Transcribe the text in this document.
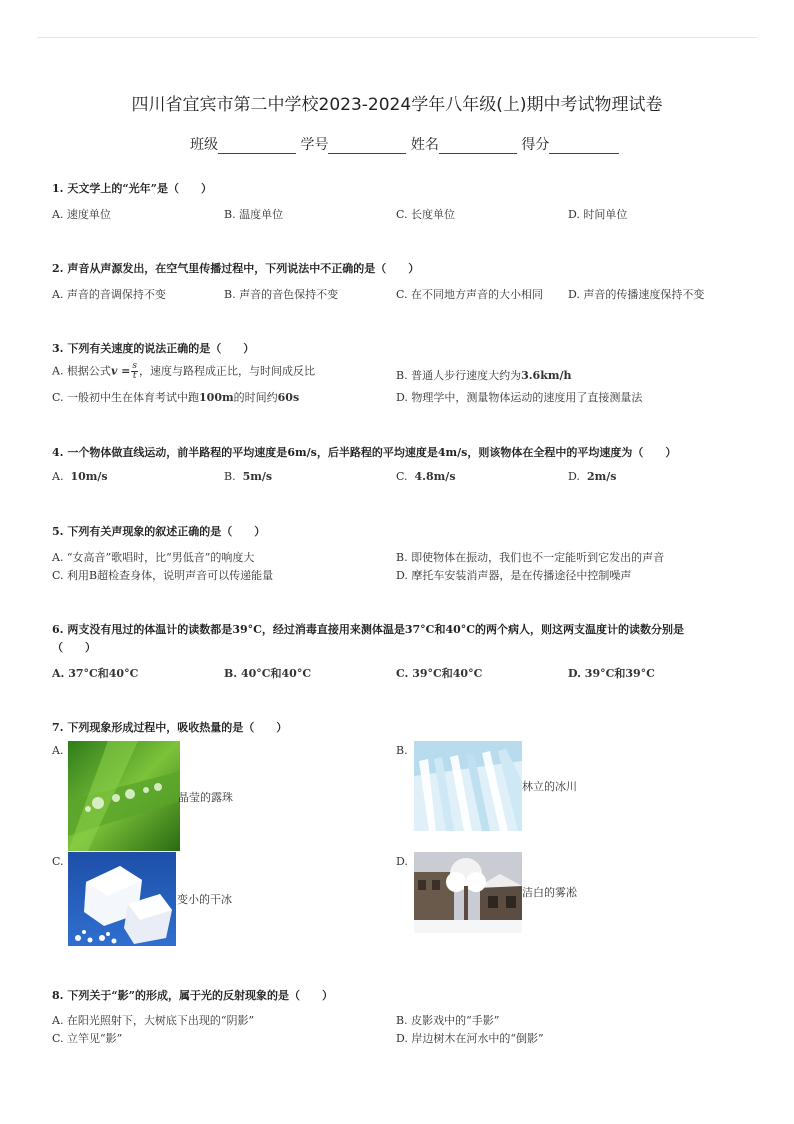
四川省宜宾市第二中学校2023-2024学年八年级(上)期中考试物理试卷
班级	学号	姓名	得分
1. 天文学上的“光年”是（　　）
A. 速度单位	B. 温度单位	C. 长度单位	D. 时间单位
2. 声音从声源发出，在空气里传播过程中，下列说法中不正确的是（　　）
A. 声音的音调保持不变	B. 声音的音色保持不变	C. 在不同地方声音的大小相同 D. 声音的传播速度保持不变
3. 下列有关速度的说法正确的是（　　）
A. 根据公式$v = \frac{s}{t}$ ，速度与路程成正比，与时间成反比	B. 普通人步行速度大约为3.6km/h
C. 一般初中生在体育考试中跑100m的时间约60s	D. 物理学中，测量物体运动的速度用了直接测量法
4. 一个物体做直线运动，前半路程的平均速度是6m/s，后半路程的平均速度是4m/s，则该物体在全程中的平均速度为（　　）
A. 10m/s	B. 5m/s	C. 4.8m/s	D. 2m/s
5. 下列有关声现象的叙述正确的是（　　）
A. “女高音”歌唱时，比“男低音”的响度大	B. 即使物体在振动，我们也不一定能听到它发出的声音
C. 利用B超检查身体，说明声音可以传递能量	D. 摩托车安装消声器，是在传播途径中控制噪声
6. 两支没有甩过的体温计的读数都是39°C，经过消毒直接用来测体温是37°C和40°C的两个病人，则这两支温度计的读数分别是
（　　）
A. 37°C和40°C	B. 40°C和40°C	C. 39°C和40°C	D. 39°C和39°C
7. 下列现象形成过程中，吸收热量的是（　　）
A.
晶莹的露珠
B.
林立的冰川
C.
变小的干冰
D.
洁白的雾凇
8. 下列关于“影”的形成，属于光的反射现象的是（　　）
A. 在阳光照射下，大树底下出现的“阴影”	B. 皮影戏中的“手影”
C. 立竿见“影”	D. 岸边树木在河水中的“倒影”
